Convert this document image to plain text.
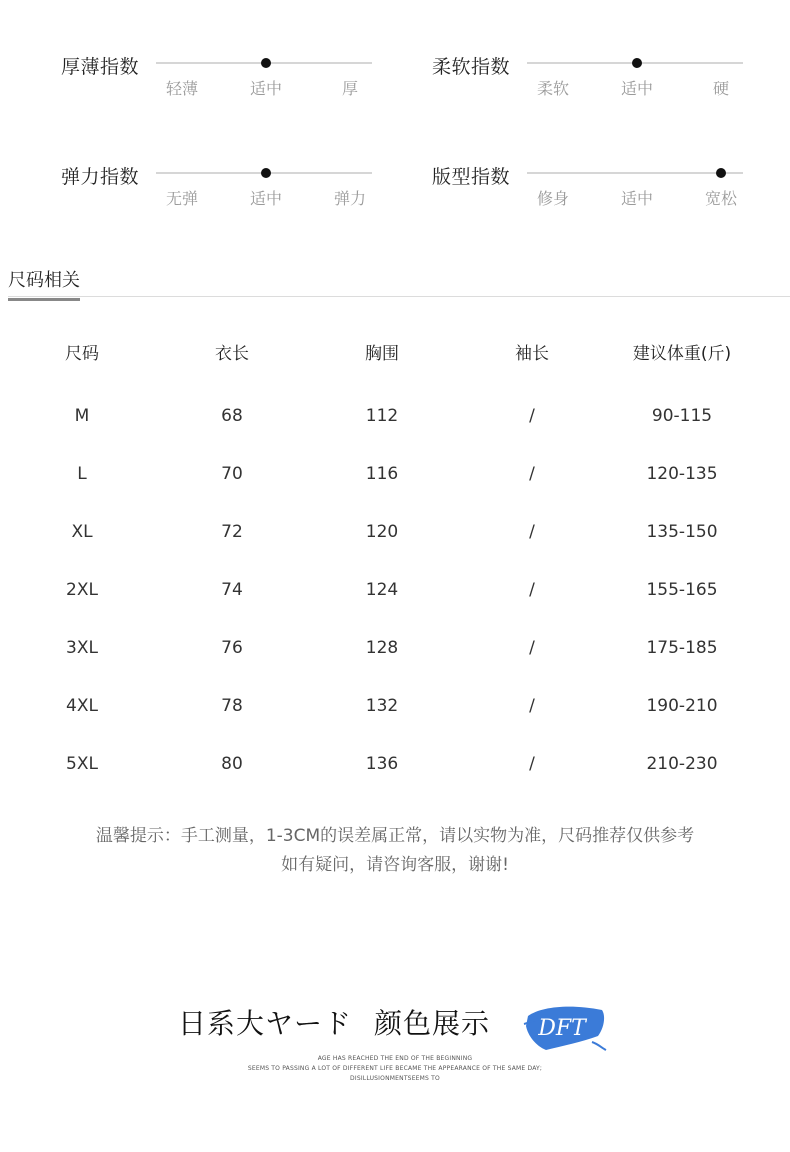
厚薄指数
轻薄	适中	厚
柔软指数
柔软	适中	硬
弹力指数
无弹	适中	弹力
版型指数
修身	适中	宽松
尺码相关
尺码	衣长	胸围	袖长	建议体重(斤)
M	68	112	/	90-115
L	70	116	/	120-135
XL	72	120	/	135-150
2XL	74	124	/	155-165
3XL	76	128	/	175-185
4XL	78	132	/	190-210
5XL	80	136	/	210-230
温馨提示：手工测量，1-3CM的误差属正常，请以实物为准，尺码推荐仅供参考
如有疑问，请咨询客服，谢谢!
日系大ヤード 颜色展示 DFT
AGE HAS REACHED THE END OF THE BEGINNING
SEEMS TO PASSING A LOT OF DIFFERENT LIFE BECAME THE APPEARANCE OF THE SAME DAY;
DISILLUSIONMENTSEEMS TO
